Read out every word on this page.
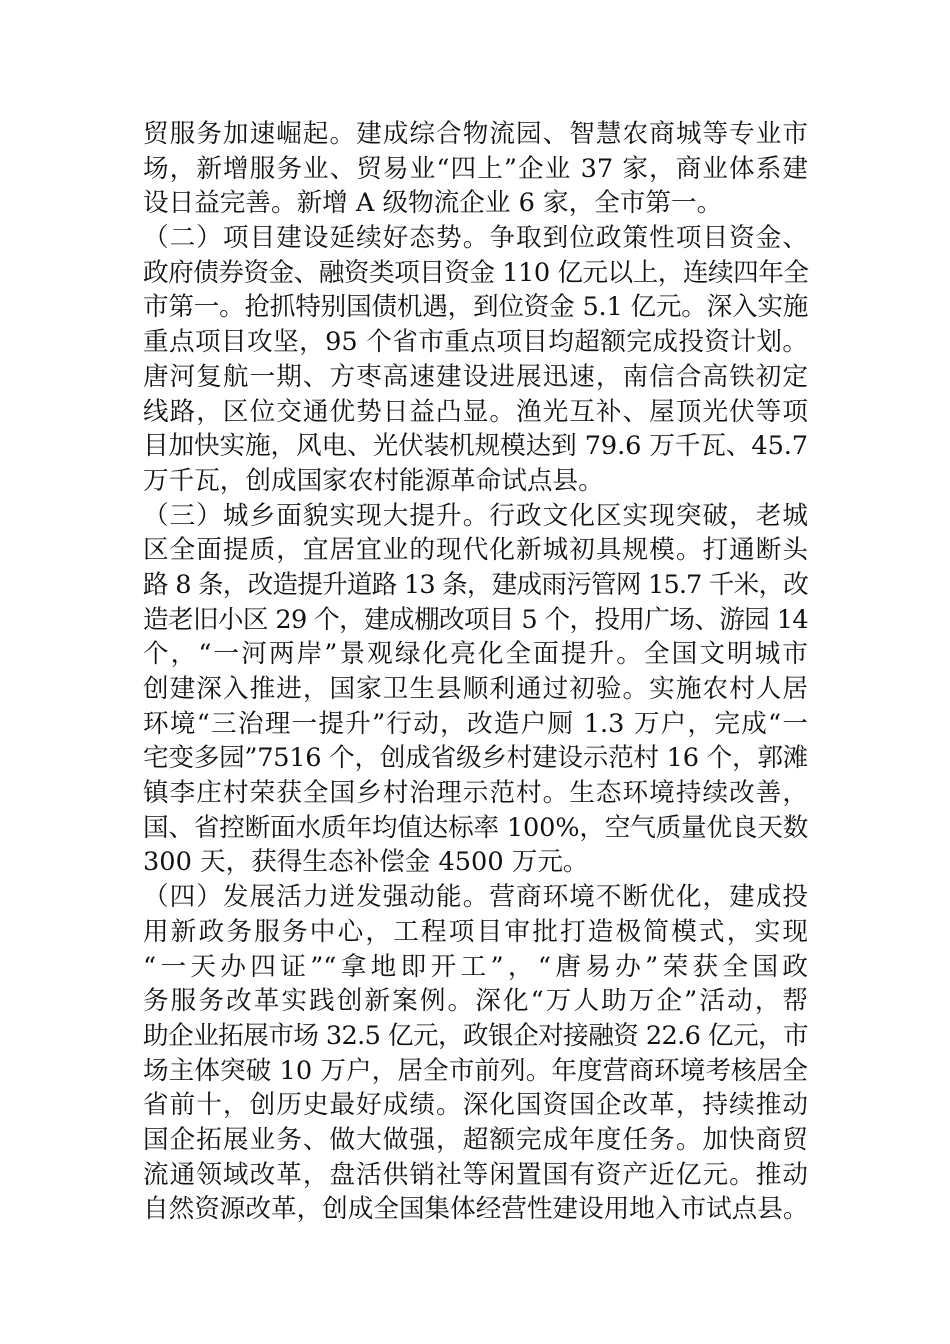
贸服务加速崛起。建成综合物流园、智慧农商城等专业市
场，新增服务业、贸易业“四上”企业 37 家，商业体系建
设日益完善。新增 A 级物流企业 6 家，全市第一。
（二）项目建设延续好态势。争取到位政策性项目资金、
政府债券资金、融资类项目资金 110 亿元以上，连续四年全
市第一。抢抓特别国债机遇，到位资金 5.1 亿元。深入实施
重点项目攻坚，95 个省市重点项目均超额完成投资计划。
唐河复航一期、方枣高速建设进展迅速，南信合高铁初定
线路，区位交通优势日益凸显。渔光互补、屋顶光伏等项
目加快实施，风电、光伏装机规模达到 79.6 万千瓦、45.7
万千瓦，创成国家农村能源革命试点县。
（三）城乡面貌实现大提升。行政文化区实现突破，老城
区全面提质，宜居宜业的现代化新城初具规模。打通断头
路 8 条，改造提升道路 13 条，建成雨污管网 15.7 千米，改
造老旧小区 29 个，建成棚改项目 5 个，投用广场、游园 14
个，“一河两岸”景观绿化亮化全面提升。全国文明城市
创建深入推进，国家卫生县顺利通过初验。实施农村人居
环境“三治理一提升”行动，改造户厕 1.3 万户，完成“一
宅变多园”7516 个，创成省级乡村建设示范村 16 个，郭滩
镇李庄村荣获全国乡村治理示范村。生态环境持续改善，
国、省控断面水质年均值达标率 100%，空气质量优良天数
300 天，获得生态补偿金 4500 万元。
（四）发展活力迸发强动能。营商环境不断优化，建成投
用新政务服务中心，工程项目审批打造极简模式，实现
“一天办四证”“拿地即开工”，“唐易办”荣获全国政
务服务改革实践创新案例。深化“万人助万企”活动，帮
助企业拓展市场 32.5 亿元，政银企对接融资 22.6 亿元，市
场主体突破 10 万户，居全市前列。年度营商环境考核居全
省前十，创历史最好成绩。深化国资国企改革，持续推动
国企拓展业务、做大做强，超额完成年度任务。加快商贸
流通领域改革，盘活供销社等闲置国有资产近亿元。推动
自然资源改革，创成全国集体经营性建设用地入市试点县。
